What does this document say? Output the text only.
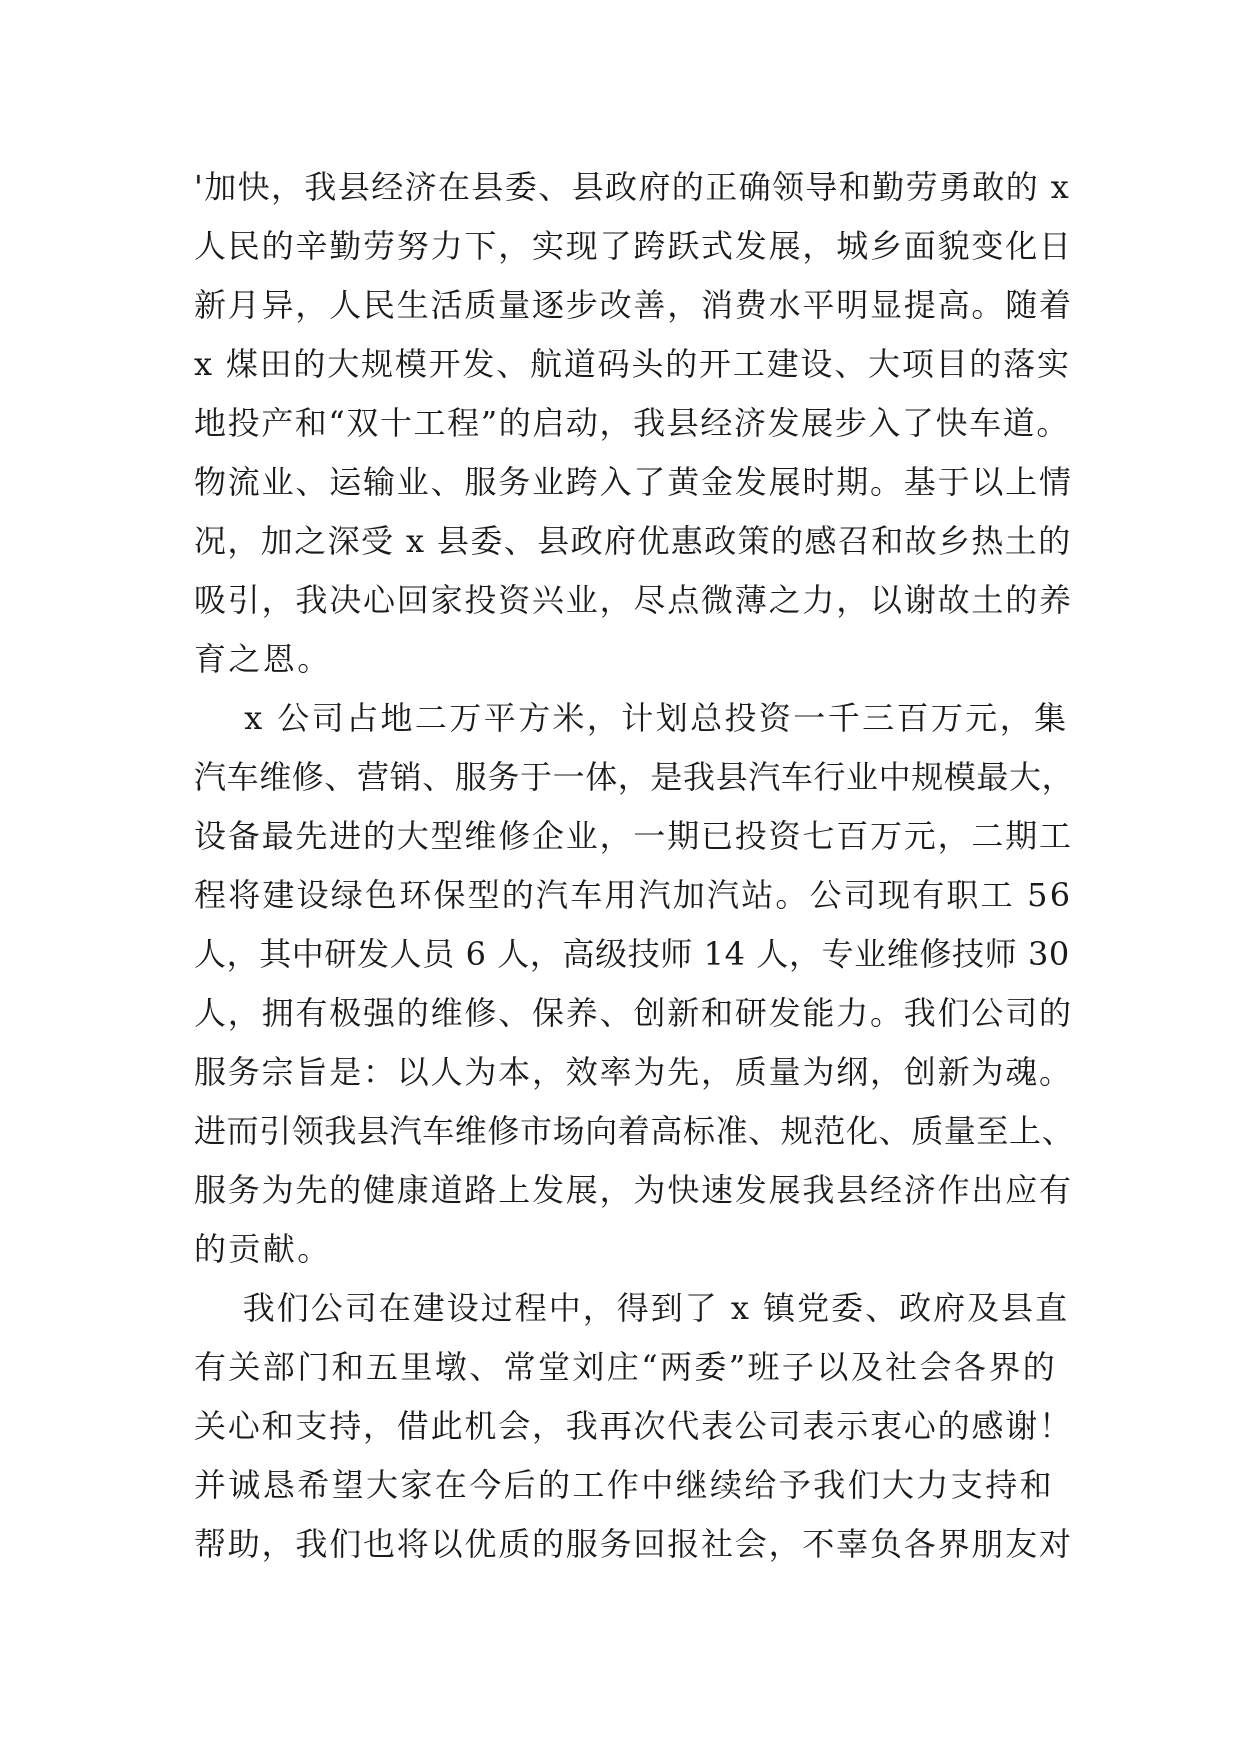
'加快，我县经济在县委、县政府的正确领导和勤劳勇敢的 x
人民的辛勤劳努力下，实现了跨跃式发展，城乡面貌变化日
新月异，人民生活质量逐步改善，消费水平明显提高。随着
x 煤田的大规模开发、航道码头的开工建设、大项目的落实
地投产和“双十工程”的启动，我县经济发展步入了快车道。
物流业、运输业、服务业跨入了黄金发展时期。基于以上情
况，加之深受 x 县委、县政府优惠政策的感召和故乡热土的
吸引，我决心回家投资兴业，尽点微薄之力，以谢故土的养
育之恩。
x 公司占地二万平方米，计划总投资一千三百万元，集
汽车维修、营销、服务于一体，是我县汽车行业中规模最大，
设备最先进的大型维修企业，一期已投资七百万元，二期工
程将建设绿色环保型的汽车用汽加汽站。公司现有职工 56
人，其中研发人员 6 人，高级技师 14 人，专业维修技师 30
人，拥有极强的维修、保养、创新和研发能力。我们公司的
服务宗旨是：以人为本，效率为先，质量为纲，创新为魂。
进而引领我县汽车维修市场向着高标准、规范化、质量至上、
服务为先的健康道路上发展，为快速发展我县经济作出应有
的贡献。
我们公司在建设过程中，得到了 x 镇党委、政府及县直
有关部门和五里墩、常堂刘庄“两委”班子以及社会各界的
关心和支持，借此机会，我再次代表公司表示衷心的感谢！
并诚恳希望大家在今后的工作中继续给予我们大力支持和
帮助，我们也将以优质的服务回报社会，不辜负各界朋友对
